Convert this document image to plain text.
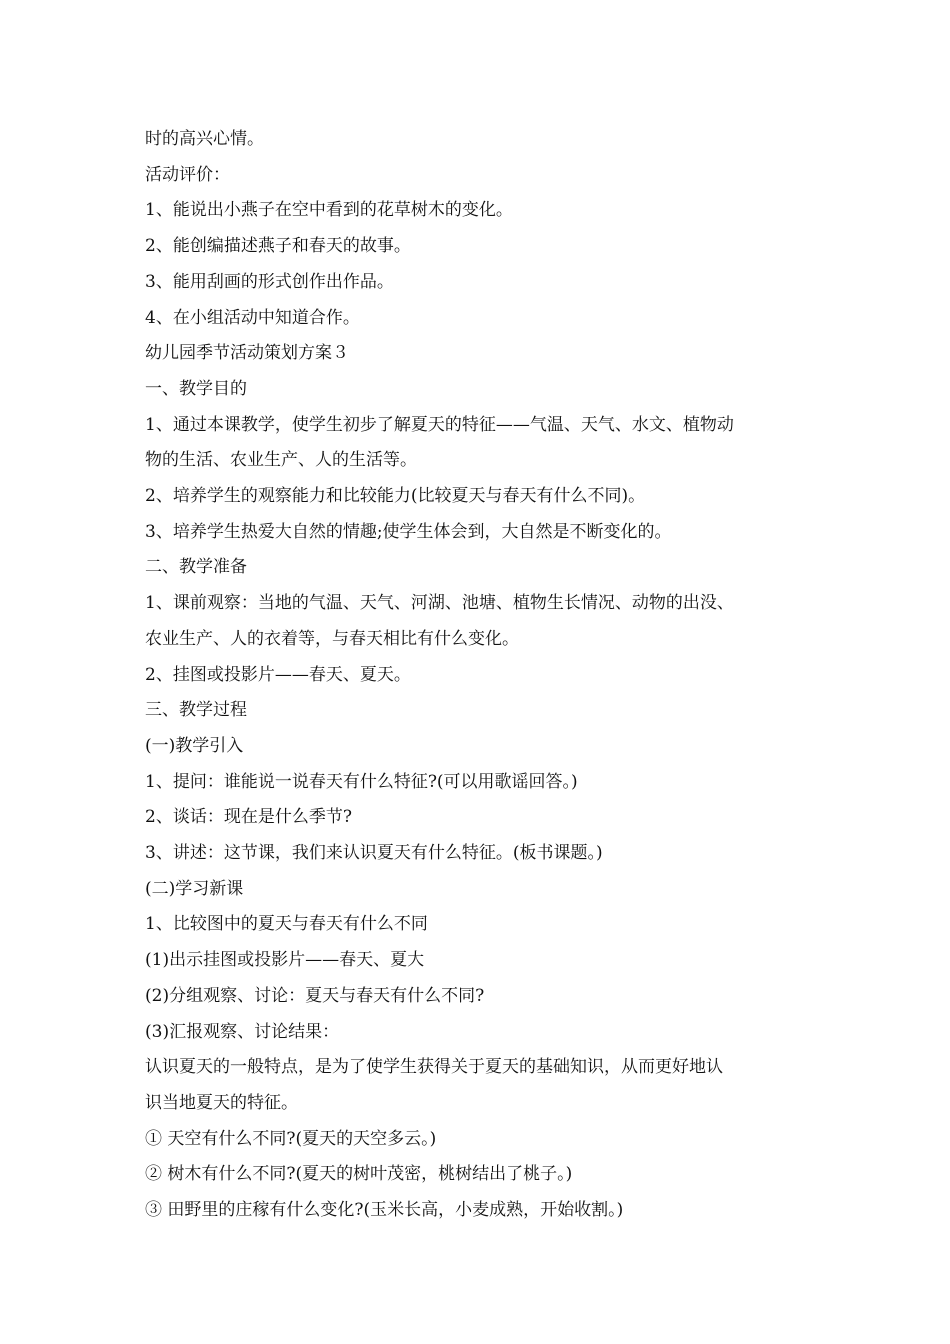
时的高兴心情。

活动评价：

1、能说出小燕子在空中看到的花草树木的变化。

2、能创编描述燕子和春天的故事。

3、能用刮画的形式创作出作品。

4、在小组活动中知道合作。

幼儿园季节活动策划方案３

一、教学目的

1、通过本课教学，使学生初步了解夏天的特征——气温、天气、水文、植物动

物的生活、农业生产、人的生活等。

2、培养学生的观察能力和比较能力(比较夏天与春天有什么不同)。

3、培养学生热爱大自然的情趣;使学生体会到，大自然是不断变化的。

二、教学准备

1、课前观察：当地的气温、天气、河湖、池塘、植物生长情况、动物的出没、

农业生产、人的衣着等，与春天相比有什么变化。

2、挂图或投影片——春天、夏天。

三、教学过程

(一)教学引入

1、提问：谁能说一说春天有什么特征?(可以用歌谣回答。)

2、谈话：现在是什么季节?

3、讲述：这节课，我们来认识夏天有什么特征。(板书课题。)

(二)学习新课

1、比较图中的夏天与春天有什么不同

(1)出示挂图或投影片——春天、夏大

(2)分组观察、讨论：夏天与春天有什么不同?

(3)汇报观察、讨论结果：

认识夏天的一般特点，是为了使学生获得关于夏天的基础知识，从而更好地认

识当地夏天的特征。

① 天空有什么不同?(夏天的天空多云。)

② 树木有什么不同?(夏天的树叶茂密，桃树结出了桃子。)

③ 田野里的庄稼有什么变化?(玉米长高，小麦成熟，开始收割。)
